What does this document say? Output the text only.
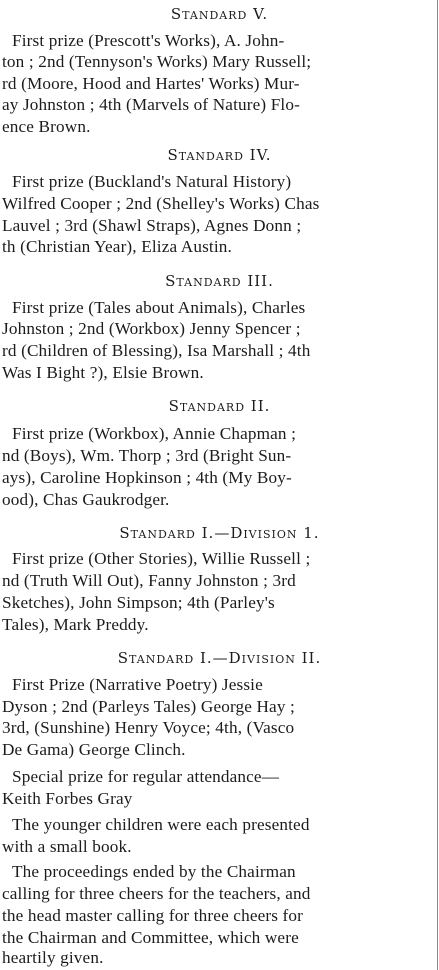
Standard V.
First prize (Prescott's Works), A. John-
ton ; 2nd (Tennyson's Works) Mary Russell;
rd (Moore, Hood and Hartes' Works) Mur-
ay Johnston ; 4th (Marvels of Nature) Flo-
ence Brown.
Standard IV.
First prize (Buckland's Natural History)
Wilfred Cooper ; 2nd (Shelley's Works) Chas
Lauvel ; 3rd (Shawl Straps), Agnes Donn ;
th (Christian Year), Eliza Austin.
Standard III.
First prize (Tales about Animals), Charles
Johnston ; 2nd (Workbox) Jenny Spencer ;
rd (Children of Blessing), Isa Marshall ; 4th
Was I Bight ?), Elsie Brown.
Standard II.
First prize (Workbox), Annie Chapman ;
nd (Boys), Wm. Thorp ; 3rd (Bright Sun-
ays), Caroline Hopkinson ; 4th (My Boy-
ood), Chas Gaukrodger.
Standard I.—Division 1.
First prize (Other Stories), Willie Russell ;
nd (Truth Will Out), Fanny Johnston ; 3rd
Sketches), John Simpson; 4th (Parley's
Tales), Mark Preddy.
Standard I.—Division II.
First Prize (Narrative Poetry) Jessie
Dyson ; 2nd (Parleys Tales) George Hay ;
3rd, (Sunshine) Henry Voyce; 4th, (Vasco
De Gama) George Clinch.
Special prize for regular attendance—
Keith Forbes Gray
The younger children were each presented
with a small book.
The proceedings ended by the Chairman
calling for three cheers for the teachers, and
the head master calling for three cheers for
the Chairman and Committee, which were
heartily given.
